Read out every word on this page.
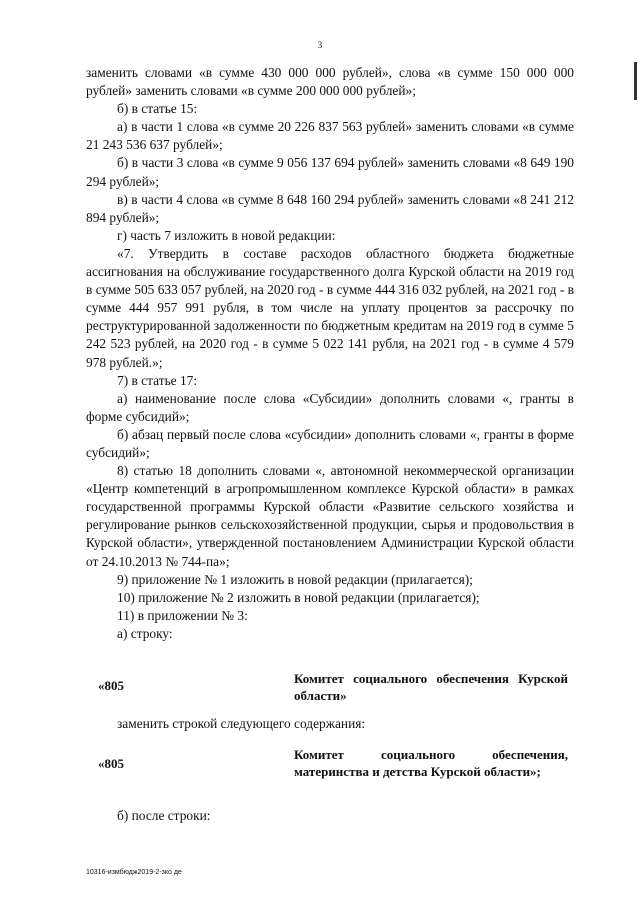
3

заменить словами «в сумме 430 000 000 рублей», слова «в сумме 150 000 000 рублей» заменить словами «в сумме 200 000 000 рублей»;

б) в статье 15:

а) в части 1 слова «в сумме 20 226 837 563 рублей» заменить словами «в сумме 21 243 536 637 рублей»;

б) в части 3 слова «в сумме 9 056 137 694 рублей» заменить словами «8 649 190 294 рублей»;

в) в части 4 слова «в сумме 8 648 160 294 рублей» заменить словами «8 241 212 894 рублей»;

г) часть 7 изложить в новой редакции:

«7. Утвердить в составе расходов областного бюджета бюджетные ассигнования на обслуживание государственного долга Курской области на 2019 год в сумме 505 633 057 рублей, на 2020 год - в сумме 444 316 032 рублей, на 2021 год - в сумме 444 957 991 рубля, в том числе на уплату процентов за рассрочку по реструктурированной задолженности по бюджетным кредитам на 2019 год в сумме 5 242 523 рублей, на 2020 год - в сумме 5 022 141 рубля, на 2021 год - в сумме 4 579 978 рублей.»;

7) в статье 17:

а) наименование после слова «Субсидии» дополнить словами «, гранты в форме субсидий»;

б) абзац первый после слова «субсидии» дополнить словами «, гранты в форме субсидий»;

8) статью 18 дополнить словами «, автономной некоммерческой организации «Центр компетенций в агропромышленном комплексе Курской области» в рамках государственной программы Курской области «Развитие сельского хозяйства и регулирование рынков сельскохозяйственной продукции, сырья и продовольствия в Курской области», утвержденной постановлением Администрации Курской области от 24.10.2013 № 744-па»;

9) приложение № 1 изложить в новой редакции (прилагается);

10) приложение № 2 изложить в новой редакции (прилагается);

11) в приложении № 3:

а) строку:

«805	Комитет социального обеспечения Курской области»
заменить строкой следующего содержания:
«805
Комитет социального обеспечения, материнства и детства Курской области»;
б) после строки:
10316-измбюдж2019-2-зко де
